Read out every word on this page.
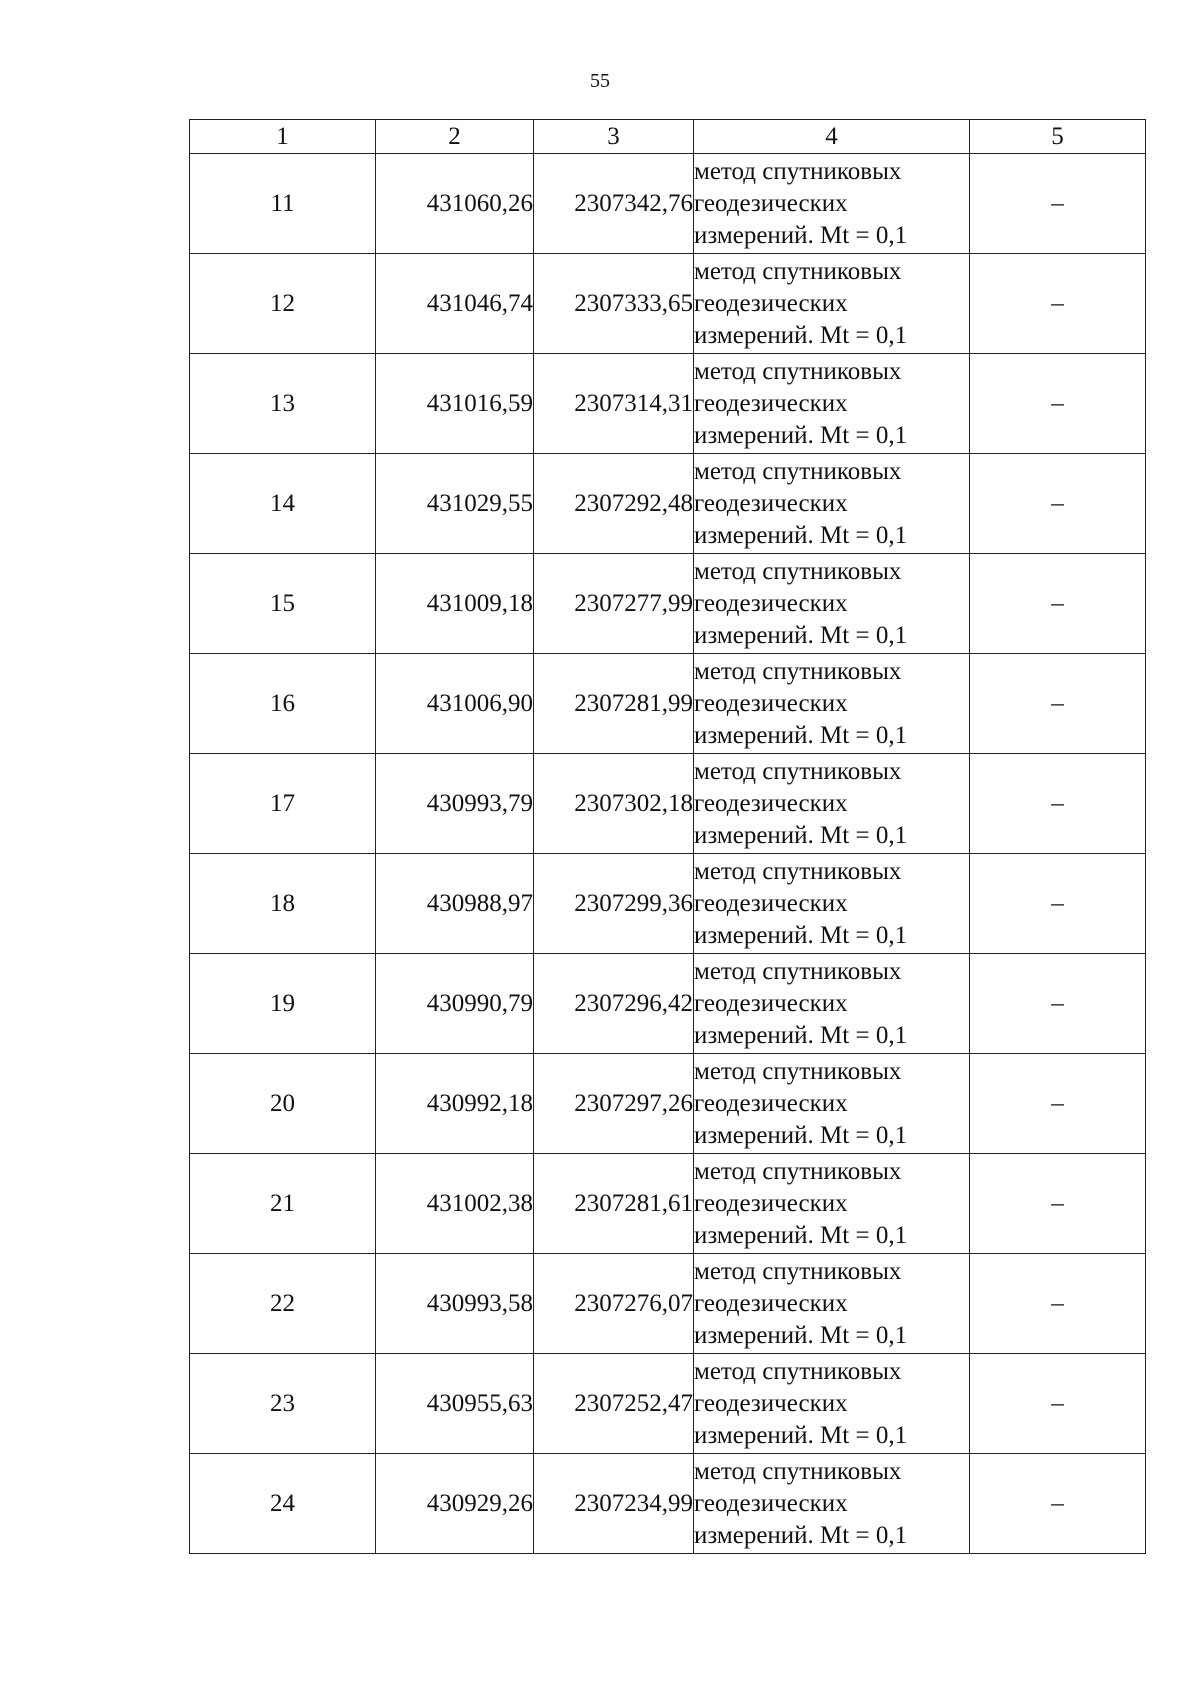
55
1	2	3	4	5
11	431060,26	2307342,76	метод спутниковых
геодезических
измерений. Mt = 0,1	–
12	431046,74	2307333,65	метод спутниковых
геодезических
измерений. Mt = 0,1	–
13	431016,59	2307314,31	метод спутниковых
геодезических
измерений. Mt = 0,1	–
14	431029,55	2307292,48	метод спутниковых
геодезических
измерений. Mt = 0,1	–
15	431009,18	2307277,99	метод спутниковых
геодезических
измерений. Mt = 0,1	–
16	431006,90	2307281,99	метод спутниковых
геодезических
измерений. Mt = 0,1	–
17	430993,79	2307302,18	метод спутниковых
геодезических
измерений. Mt = 0,1	–
18	430988,97	2307299,36	метод спутниковых
геодезических
измерений. Mt = 0,1	–
19	430990,79	2307296,42	метод спутниковых
геодезических
измерений. Mt = 0,1	–
20	430992,18	2307297,26	метод спутниковых
геодезических
измерений. Mt = 0,1	–
21	431002,38	2307281,61	метод спутниковых
геодезических
измерений. Mt = 0,1	–
22	430993,58	2307276,07	метод спутниковых
геодезических
измерений. Mt = 0,1	–
23	430955,63	2307252,47	метод спутниковых
геодезических
измерений. Mt = 0,1	–
24	430929,26	2307234,99	метод спутниковых
геодезических
измерений. Mt = 0,1	–
